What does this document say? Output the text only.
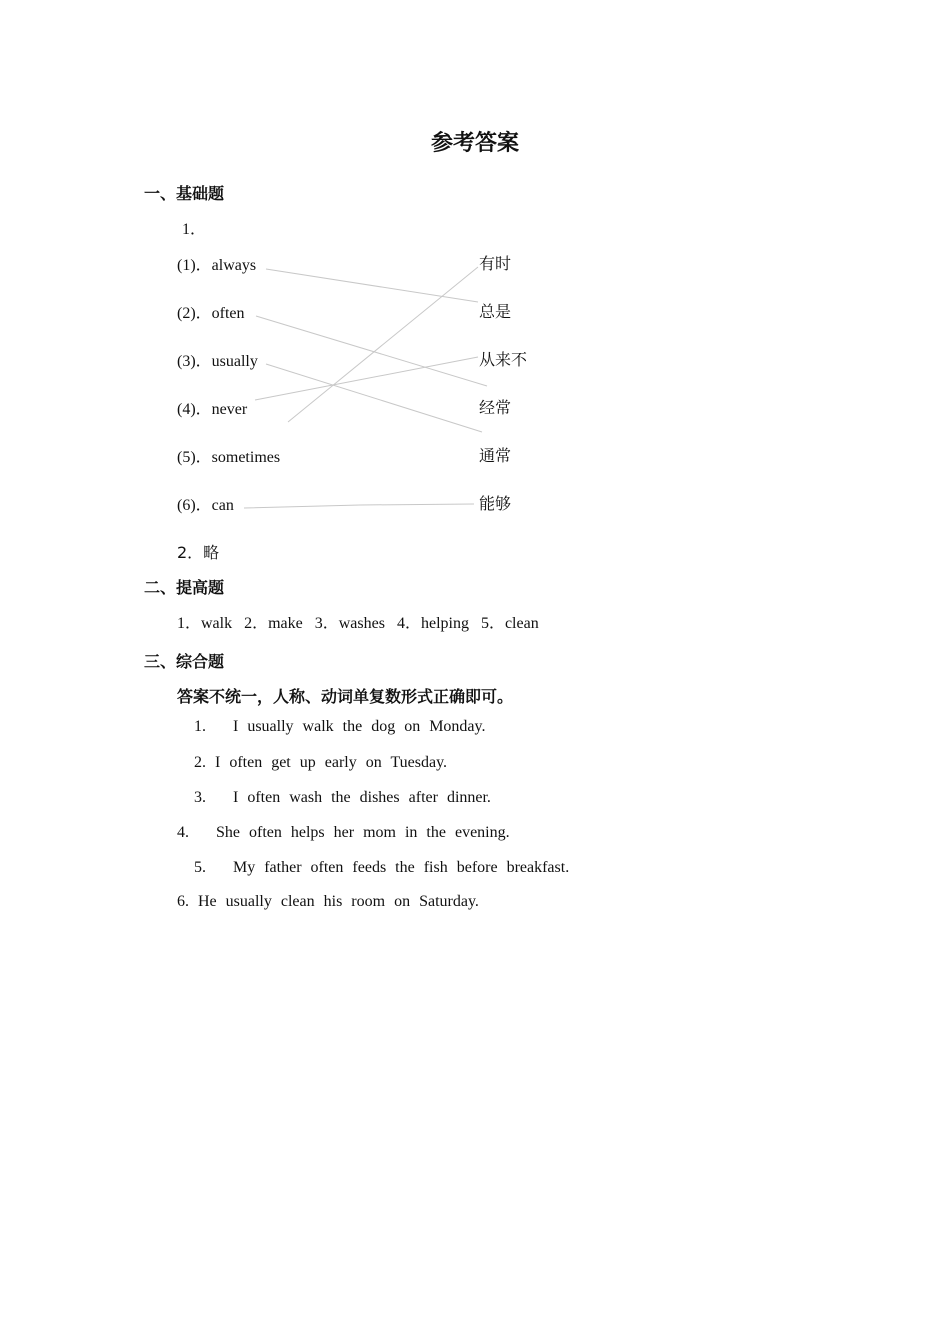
参考答案
一、基础题
1．
(1)．always
(2)．often
(3)．usually
(4)．never
(5)．sometimes
(6)．can
有时
总是
从来不
经常
通常
能够
2．略
二、提高题
1．walk   2．make   3．washes   4．helping   5．clean
三、综合题
答案不统一，人称、动词单复数形式正确即可。
1.   I usually walk the dog on Monday.
2. I often get up early on Tuesday.
3.   I often wash the dishes after dinner.
4.   She often helps her mom in the evening.
5.   My father often feeds the fish before breakfast.
6. He usually clean his room on Saturday.
